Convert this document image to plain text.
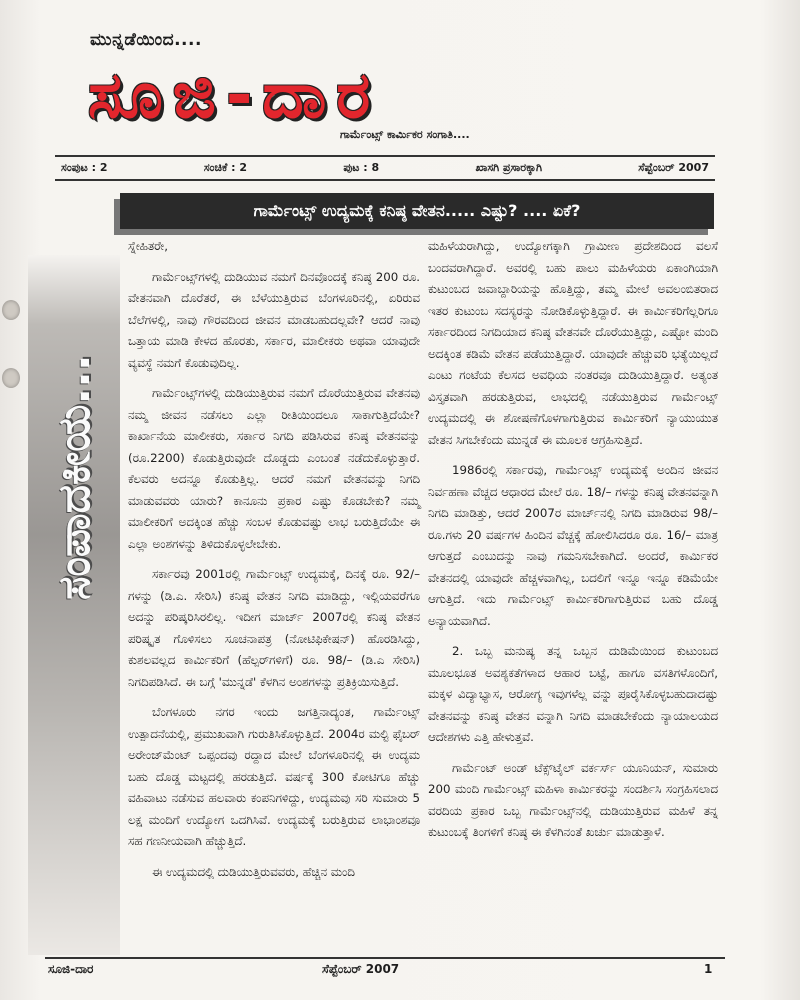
ಮುನ್ನಡೆಯಿಂದ....
ಸೂಜಿ-ದಾರ
ಗಾರ್ಮೆಂಟ್ಸ್ ಕಾರ್ಮಿಕರ ಸಂಗಾತಿ....
ಸಂಪುಟ : 2	ಸಂಚಿಕೆ : 2	ಪುಟ : 8	ಖಾಸಗಿ ಪ್ರಸಾರಕ್ಕಾಗಿ	ಸೆಪ್ಟೆಂಬರ್ 2007
ಗಾರ್ಮೆಂಟ್ಸ್ ಉದ್ಯಮಕ್ಕೆ ಕನಿಷ್ಠ ವೇತನ..... ಎಷ್ಟು? .... ಏಕೆ?

ಸ್ನೇಹಿತರೇ,

ಗಾರ್ಮೆಂಟ್ಸ್‌ಗಳಲ್ಲಿ ದುಡಿಯುವ ನಮಗೆ ದಿನವೊಂದಕ್ಕೆ ಕನಿಷ್ಠ 200 ರೂ. ವೇತನವಾಗಿ ದೊರೆತರೆ, ಈ ಬೆಳೆಯುತ್ತಿರುವ ಬೆಂಗಳೂರಿನಲ್ಲಿ, ಏರಿರುವ ಬೆಲೆಗಳಲ್ಲಿ, ನಾವು ಗೌರವದಿಂದ ಜೀವನ ಮಾಡಬಹುದಲ್ಲವೇ? ಆದರೆ ನಾವು ಒತ್ತಾಯ ಮಾಡಿ ಕೇಳದ ಹೊರತು, ಸರ್ಕಾರ, ಮಾಲೀಕರು ಅಥವಾ ಯಾವುದೇ ವ್ಯವಸ್ಥೆ ನಮಗೆ ಕೊಡುವುದಿಲ್ಲ.

ಗಾರ್ಮೆಂಟ್ಸ್‌ಗಳಲ್ಲಿ ದುಡಿಯುತ್ತಿರುವ ನಮಗೆ ದೊರೆಯುತ್ತಿರುವ ವೇತನವು ನಮ್ಮ ಜೀವನ ನಡೆಸಲು ಎಲ್ಲಾ ರೀತಿಯಿಂದಲೂ ಸಾಕಾಗುತ್ತಿದೆಯೇ? ಕಾರ್ಖಾನೆಯ ಮಾಲೀಕರು, ಸರ್ಕಾರ ನಿಗದಿ ಪಡಿಸಿರುವ ಕನಿಷ್ಠ ವೇತನವನ್ನು (ರೂ.2200) ಕೊಡುತ್ತಿರುವುದೇ ದೊಡ್ಡದು ಎಂಬಂತೆ ನಡೆದುಕೊಳ್ಳುತ್ತಾರೆ. ಕೆಲವರು ಅದನ್ನೂ ಕೊಡುತ್ತಿಲ್ಲ. ಆದರೆ ನಮಗೆ ವೇತನವನ್ನು ನಿಗದಿ ಮಾಡುವವರು ಯಾರು? ಕಾನೂನು ಪ್ರಕಾರ ಎಷ್ಟು ಕೊಡಬೇಕು? ನಮ್ಮ ಮಾಲೀಕರಿಗೆ ಅದಕ್ಕಿಂತ ಹೆಚ್ಚು ಸಂಬಳ ಕೊಡುವಷ್ಟು ಲಾಭ ಬರುತ್ತಿದೆಯೇ ಈ ಎಲ್ಲಾ ಅಂಶಗಳನ್ನು ತಿಳಿದುಕೊಳ್ಳಲೇಬೇಕು.

ಸರ್ಕಾರವು 2001ರಲ್ಲಿ ಗಾರ್ಮೆಂಟ್ಸ್ ಉದ್ಯಮಕ್ಕೆ, ದಿನಕ್ಕೆ ರೂ. 92/– ಗಳನ್ನು (ಡಿ.ಎ. ಸೇರಿಸಿ) ಕನಿಷ್ಠ ವೇತನ ನಿಗದಿ ಮಾಡಿದ್ದು, ಇಲ್ಲಿಯವರೆಗೂ ಅದನ್ನು ಪರಿಷ್ಕರಿಸಿರಲಿಲ್ಲ. ಇದೀಗ ಮಾರ್ಚ್ 2007ರಲ್ಲಿ ಕನಿಷ್ಠ ವೇತನ ಪರಿಷ್ಕೃತ ಗೊಳಿಸಲು ಸೂಚನಾಪತ್ರ (ನೋಟಿಫಿಕೇಷನ್) ಹೊರಡಿಸಿದ್ದು, ಕುಶಲವಲ್ಲದ ಕಾರ್ಮಿಕರಿಗೆ (ಹೆಲ್ಪರ್‌ಗಳಿಗೆ) ರೂ. 98/– (ಡಿ.ಎ ಸೇರಿಸಿ) ನಿಗದಿಪಡಿಸಿದೆ. ಈ ಬಗ್ಗೆ 'ಮುನ್ನಡೆ' ಕೆಳಗಿನ ಅಂಶಗಳನ್ನು ಪ್ರತಿಕ್ರಿಯಿಸುತ್ತಿದೆ.

ಬೆಂಗಳೂರು ನಗರ ಇಂದು ಜಗತ್ತಿನಾದ್ಯಂತ, ಗಾರ್ಮೆಂಟ್ಸ್ ಉತ್ಪಾದನೆಯಲ್ಲಿ, ಪ್ರಮುಖವಾಗಿ ಗುರುತಿಸಿಕೊಳ್ಳುತ್ತಿದೆ. 2004ರ ಮಲ್ಟಿ ಫೈಬರ್ ಅರೇಂಜ್‌ಮೆಂಟ್ ಒಪ್ಪಂದವು ರದ್ದಾದ ಮೇಲೆ ಬೆಂಗಳೂರಿನಲ್ಲಿ ಈ ಉದ್ಯಮ ಬಹು ದೊಡ್ಡ ಮಟ್ಟದಲ್ಲಿ ಹರಡುತ್ತಿದೆ. ವರ್ಷಕ್ಕೆ 300 ಕೋಟಿಗೂ ಹೆಚ್ಚು ವಹಿವಾಟು ನಡೆಸುವ ಹಲವಾರು ಕಂಪನಿಗಳಿದ್ದು, ಉದ್ಯಮವು ಸರಿ ಸುಮಾರು 5 ಲಕ್ಷ ಮಂದಿಗೆ ಉದ್ಯೋಗ ಒದಗಿಸಿವೆ. ಉದ್ಯಮಕ್ಕೆ ಬರುತ್ತಿರುವ ಲಾಭಾಂಶವೂ ಸಹ ಗಣನೀಯವಾಗಿ ಹೆಚ್ಚುತ್ತಿದೆ.

ಈ ಉದ್ಯಮದಲ್ಲಿ ದುಡಿಯುತ್ತಿರುವವರು, ಹೆಚ್ಚಿನ ಮಂದಿ

ಮಹಿಳೆಯರಾಗಿದ್ದು, ಉದ್ಯೋಗಕ್ಕಾಗಿ ಗ್ರಾಮೀಣ ಪ್ರದೇಶದಿಂದ ವಲಸೆ ಬಂದವರಾಗಿದ್ದಾರೆ. ಅವರಲ್ಲಿ ಬಹು ಪಾಲು ಮಹಿಳೆಯರು ಏಕಾಂಗಿಯಾಗಿ ಕುಟುಂಬದ ಜವಾಬ್ದಾರಿಯನ್ನು ಹೊತ್ತಿದ್ದು, ತಮ್ಮ ಮೇಲೆ ಅವಲಂಬಿತರಾದ ಇತರ ಕುಟುಂಬ ಸದಸ್ಯರನ್ನು ನೋಡಿಕೊಳ್ಳುತ್ತಿದ್ದಾರೆ. ಈ ಕಾರ್ಮಿಕರಿಗೆಲ್ಲರಿಗೂ ಸರ್ಕಾರದಿಂದ ನಿಗದಿಯಾದ ಕನಿಷ್ಠ ವೇತನವೇ ದೊರೆಯುತ್ತಿದ್ದು, ಎಷ್ಟೋ ಮಂದಿ ಅದಕ್ಕಿಂತ ಕಡಿಮೆ ವೇತನ ಪಡೆಯುತ್ತಿದ್ದಾರೆ. ಯಾವುದೇ ಹೆಚ್ಚುವರಿ ಭತ್ಯೆಯಿಲ್ಲದೆ ಎಂಟು ಗಂಟೆಯ ಕೆಲಸದ ಅವಧಿಯ ನಂತರವೂ ದುಡಿಯುತ್ತಿದ್ದಾರೆ. ಅತ್ಯಂತ ವಿಸ್ತೃತವಾಗಿ ಹರಡುತ್ತಿರುವ, ಲಾಭದಲ್ಲಿ ನಡೆಯುತ್ತಿರುವ ಗಾರ್ಮೆಂಟ್ಸ್ ಉದ್ಯಮದಲ್ಲಿ ಈ ಶೋಷಣೆಗೊಳಗಾಗುತ್ತಿರುವ ಕಾರ್ಮಿಕರಿಗೆ ನ್ಯಾಯುಯುತ ವೇತನ ಸಿಗಬೇಕೆಂದು ಮುನ್ನಡೆ ಈ ಮೂಲಕ ಆಗ್ರಹಿಸುತ್ತಿದೆ.

1986ರಲ್ಲಿ ಸರ್ಕಾರವು, ಗಾರ್ಮೆಂಟ್ಸ್ ಉದ್ಯಮಕ್ಕೆ ಅಂದಿನ ಜೀವನ ನಿರ್ವಹಣಾ ವೆಚ್ಚದ ಆಧಾರದ ಮೇಲೆ ರೂ. 18/– ಗಳನ್ನು ಕನಿಷ್ಠ ವೇತನವನ್ನಾಗಿ ನಿಗದಿ ಮಾಡಿತ್ತು, ಆದರೆ 2007ರ ಮಾರ್ಚ್‌ನಲ್ಲಿ ನಿಗದಿ ಮಾಡಿರುವ 98/– ರೂ.ಗಳು 20 ವರ್ಷಗಳ ಹಿಂದಿನ ವೆಚ್ಚಕ್ಕೆ ಹೋಲಿಸಿದರೂ ರೂ. 16/– ಮಾತ್ರ ಆಗುತ್ತದೆ ಎಂಬುದನ್ನು ನಾವು ಗಮನಿಸಬೇಕಾಗಿದೆ. ಅಂದರೆ, ಕಾರ್ಮಿಕರ ವೇತನದಲ್ಲಿ ಯಾವುದೇ ಹೆಚ್ಚಳವಾಗಿಲ್ಲ, ಬದಲಿಗೆ ಇನ್ನೂ ಇನ್ನೂ ಕಡಿಮೆಯೇ ಆಗುತ್ತಿದೆ. ಇದು ಗಾರ್ಮೆಂಟ್ಸ್ ಕಾರ್ಮಿಕರಿಗಾಗುತ್ತಿರುವ ಬಹು ದೊಡ್ಡ ಅನ್ಯಾಯವಾಗಿದೆ.

2. ಒಬ್ಬ ಮನುಷ್ಯ ತನ್ನ ಒಬ್ಬನ ದುಡಿಮೆಯಿಂದ ಕುಟುಂಬದ ಮೂಲಭೂತ ಅವಶ್ಯಕತೆಗಳಾದ ಆಹಾರ ಬಟ್ಟೆ, ಹಾಗೂ ವಸತಿಗಳೊಂದಿಗೆ, ಮಕ್ಕಳ ವಿದ್ಯಾಭ್ಯಾಸ, ಆರೋಗ್ಯ ಇವುಗಳೆಲ್ಲ ವನ್ನು ಪೂರೈಸಿಕೊಳ್ಳಬಹುದಾದಷ್ಟು ವೇತನವನ್ನು ಕನಿಷ್ಠ ವೇತನ ವನ್ನಾಗಿ ನಿಗದಿ ಮಾಡಬೇಕೆಂದು ನ್ಯಾಯಾಲಯದ ಆದೇಶಗಳು ಎತ್ತಿ ಹೇಳುತ್ತವೆ.

ಗಾರ್ಮೆಂಟ್ ಅಂಡ್ ಟೆಕ್ಸ್‌ಟೈಲ್ ವರ್ಕರ್ಸ್ ಯೂನಿಯನ್, ಸುಮಾರು 200 ಮಂದಿ ಗಾರ್ಮೆಂಟ್ಸ್ ಮಹಿಳಾ ಕಾರ್ಮಿಕರನ್ನು ಸಂದರ್ಶಿಸಿ ಸಂಗ್ರಹಿಸಲಾದ ವರದಿಯ ಪ್ರಕಾರ ಒಬ್ಬ ಗಾರ್ಮೆಂಟ್ಸ್‌ನಲ್ಲಿ ದುಡಿಯುತ್ತಿರುವ ಮಹಿಳೆ ತನ್ನ ಕುಟುಂಬಕ್ಕೆ ತಿಂಗಳಿಗೆ ಕನಿಷ್ಠ ಈ ಕೆಳಗಿನಂತೆ ಖರ್ಚು ಮಾಡುತ್ತಾಳೆ.

ಸೂಜಿ-ದಾರ	ಸೆಪ್ಟೆಂಬರ್ 2007	1
